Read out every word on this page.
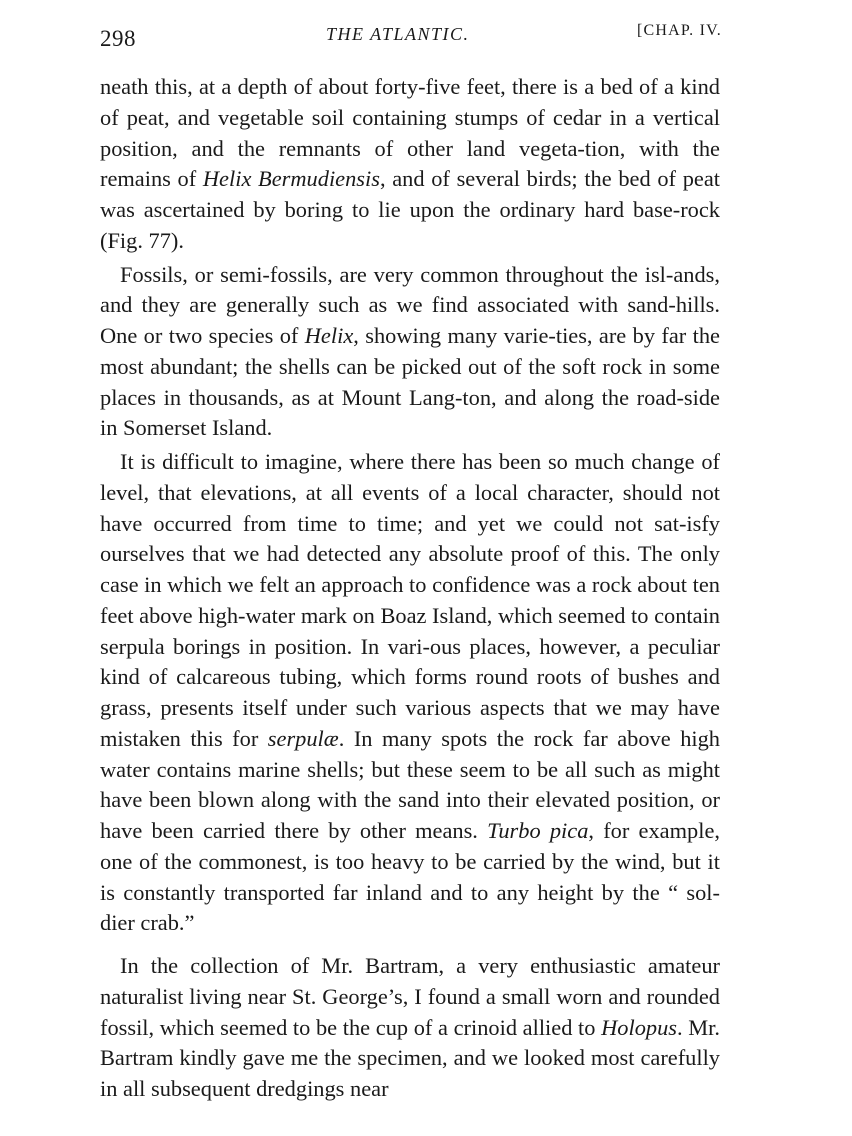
298	THE ATLANTIC.	[CHAP. IV.

neath this, at a depth of about forty-five feet, there is a bed of a kind of peat, and vegetable soil containing stumps of cedar in a vertical position, and the remnants of other land vegeta-tion, with the remains of Helix Bermudiensis, and of several birds; the bed of peat was ascertained by boring to lie upon the ordinary hard base-rock (Fig. 77).

Fossils, or semi-fossils, are very common throughout the isl-ands, and they are generally such as we find associated with sand-hills. One or two species of Helix, showing many varie-ties, are by far the most abundant; the shells can be picked out of the soft rock in some places in thousands, as at Mount Lang-ton, and along the road-side in Somerset Island.

It is difficult to imagine, where there has been so much change of level, that elevations, at all events of a local character, should not have occurred from time to time; and yet we could not sat-isfy ourselves that we had detected any absolute proof of this. The only case in which we felt an approach to confidence was a rock about ten feet above high-water mark on Boaz Island, which seemed to contain serpula borings in position. In vari-ous places, however, a peculiar kind of calcareous tubing, which forms round roots of bushes and grass, presents itself under such various aspects that we may have mistaken this for serpulæ. In many spots the rock far above high water contains marine shells; but these seem to be all such as might have been blown along with the sand into their elevated position, or have been carried there by other means. Turbo pica, for example, one of the commonest, is too heavy to be carried by the wind, but it is constantly transported far inland and to any height by the “ sol-dier crab.”

In the collection of Mr. Bartram, a very enthusiastic amateur naturalist living near St. George’s, I found a small worn and rounded fossil, which seemed to be the cup of a crinoid allied to Holopus. Mr. Bartram kindly gave me the specimen, and we looked most carefully in all subsequent dredgings near
